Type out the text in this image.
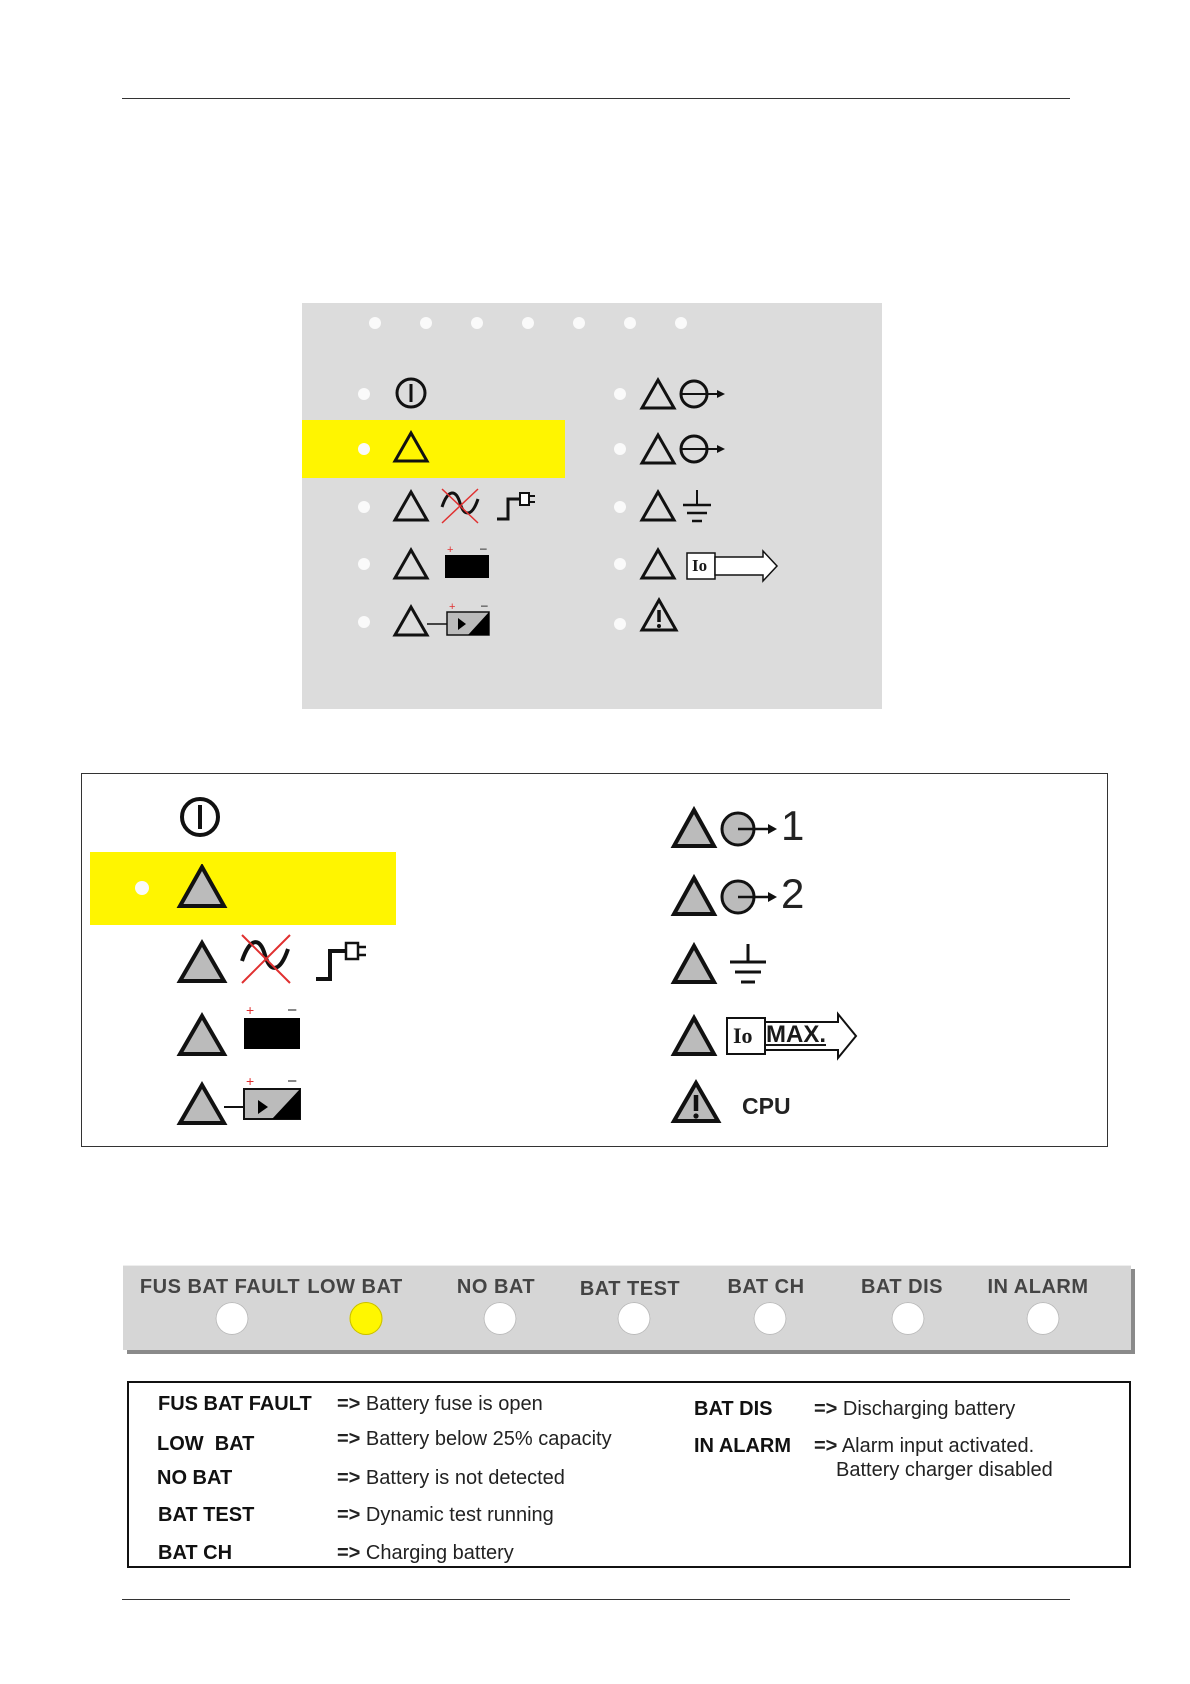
+ –
+ –
Io
+ –
+ –
1
2
Io MAX.
CPU
FUS BAT FAULT LOW BAT	NO BAT BAT TEST BAT CH	BAT DIS IN ALARM
FUS BAT FAULT
LOW  BAT
NO BAT
BAT TEST
BAT CH
=> Battery fuse is open
=> Battery below 25% capacity
=> Battery is not detected
=> Dynamic test running
=> Charging battery
BAT DIS
IN ALARM
=> Discharging battery
=> Alarm input activated.
Battery charger disabled
